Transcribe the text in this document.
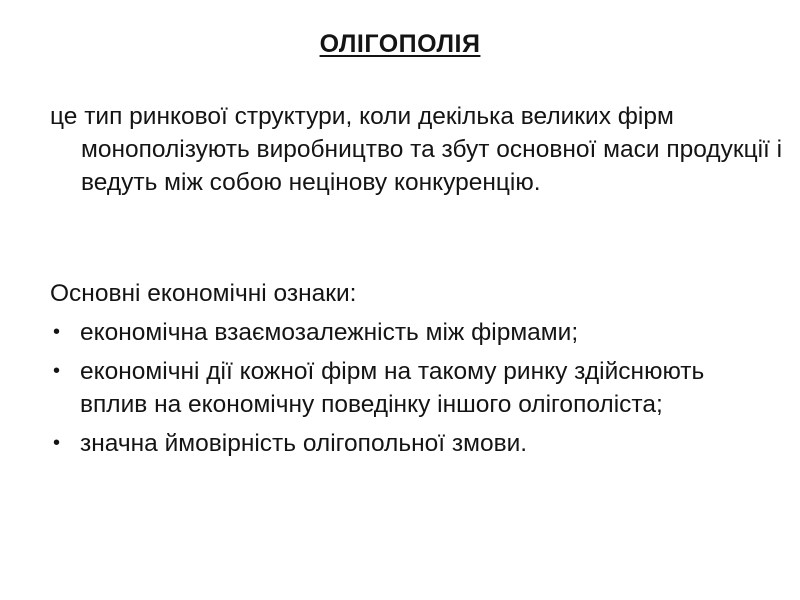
ОЛІГОПОЛІЯ

це тип ринкової структури, коли декілька великих фірм монополізують виробництво та збут основної маси продукції і ведуть між собою нецінову конкуренцію.

Основні економічні ознаки:

• економічна взаємозалежність між фірмами;
• економічні дії кожної фірм на такому ринку здійснюють вплив на економічну поведінку іншого олігополіста;
• значна ймовірність олігопольної змови.
